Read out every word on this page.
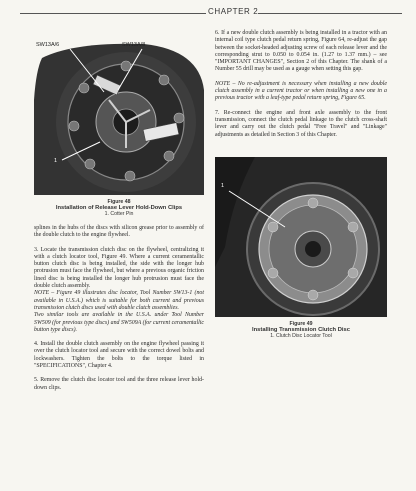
CHAPTER 2
SW13A/6	SW13A/8
1
Figure 48
Installation of Release Lever Hold-Down Clips
1. Cotter Pin

splines in the hubs of the discs with silicon grease prior to assembly of the double clutch to the engine flywheel.

3. Locate the transmission clutch disc on the flywheel, centralizing it with a clutch locator tool, Figure 49. Where a current ceramentallic button clutch disc is being installed, the side with the longer hub protrusion must face the flywheel, but where a previous organic friction lined disc is being installed the longer hub protrusion must face the double clutch assembly.

NOTE – Figure 49 illustrates disc locator, Tool Number SW13-1 (not available in U.S.A.) which is suitable for both current and previous transmission clutch discs used with double clutch assemblies.

Two similar tools are available in the U.S.A. under Tool Number SW509 (for previous type discs) and SW509A (for current ceramentallic button type discs).

4. Install the double clutch assembly on the engine flywheel passing it over the clutch locator tool and secure with the correct dowel bolts and lockwashers. Tighten the bolts to the torque listed in "SPECIFICATIONS", Chapter 4.

5. Remove the clutch disc locator tool and the three release lever hold-down clips.

6. If a new double clutch assembly is being installed in a tractor with an internal coil type clutch pedal return spring, Figure 64, re-adjust the gap between the socket-headed adjusting screw of each release lever and the corresponding strut to 0.050 to 0.054 in. (1.27 to 1.37 mm.) – see "IMPORTANT CHANGES", Section 2 of this Chapter. The shank of a Number 55 drill may be used as a gauge when setting this gap.

NOTE – No re-adjustment is necessary when installing a new double clutch assembly in a current tractor or when installing a new one in a previous tractor with a leaf-type pedal return spring, Figure 65.

7. Re-connect the engine and front axle assembly to the front transmission, connect the clutch pedal linkage to the clutch cross-shaft lever and carry out the clutch pedal "Free Travel" and "Linkage" adjustments as detailed in Section 3 of this Chapter.

1
Figure 49
Installing Transmission Clutch Disc
1. Clutch Disc Locator Tool
